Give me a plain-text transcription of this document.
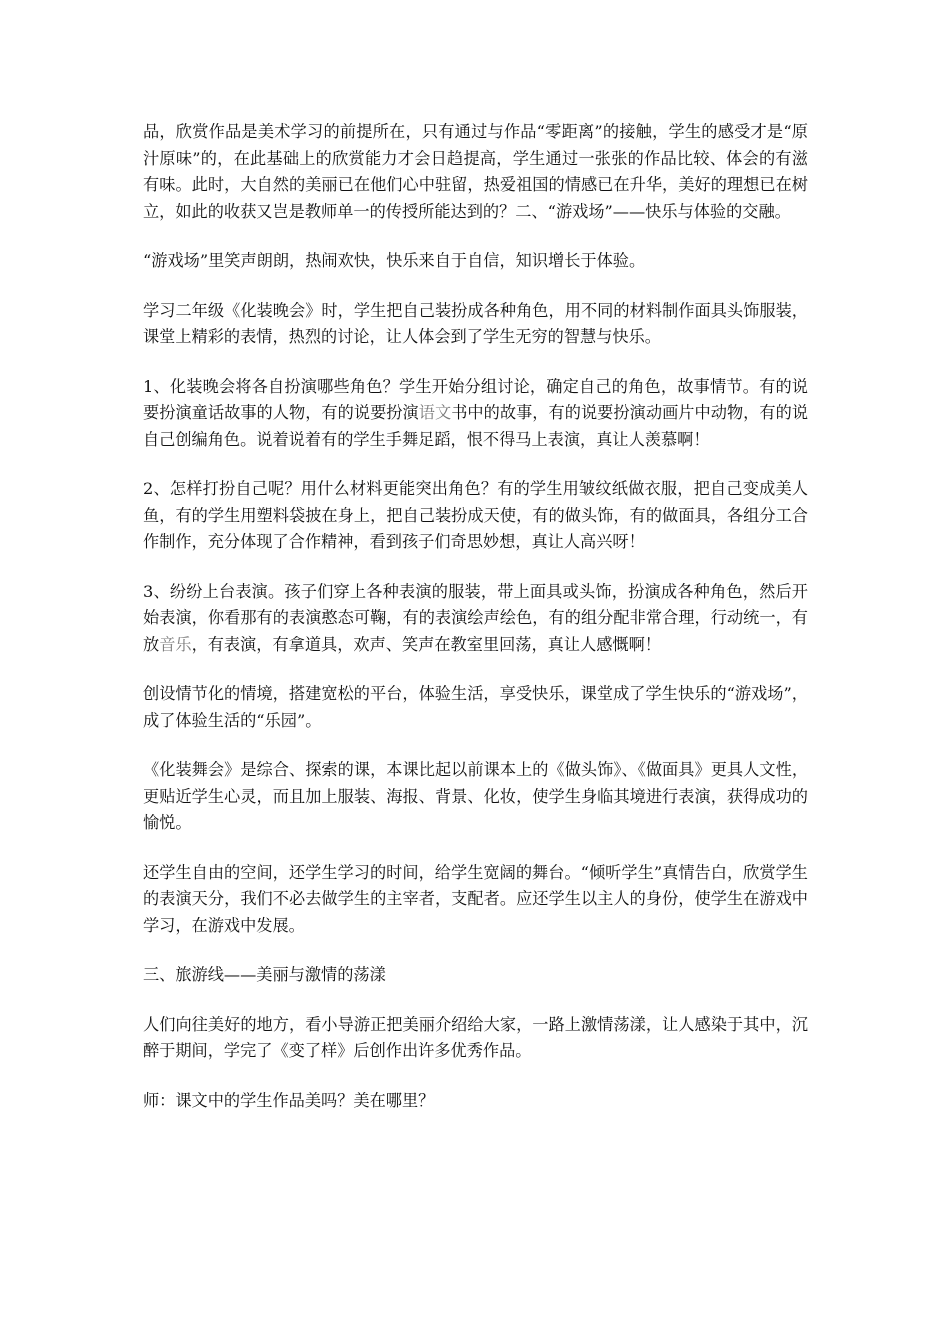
品，欣赏作品是美术学习的前提所在，只有通过与作品“零距离”的接触，学生的感受才是“原汁原味”的，在此基础上的欣赏能力才会日趋提高，学生通过一张张的作品比较、体会的有滋有味。此时，大自然的美丽已在他们心中驻留，热爱祖国的情感已在升华，美好的理想已在树立，如此的收获又岂是教师单一的传授所能达到的？二、“游戏场”——快乐与体验的交融。

“游戏场”里笑声朗朗，热闹欢快，快乐来自于自信，知识增长于体验。

学习二年级《化装晚会》时，学生把自己装扮成各种角色，用不同的材料制作面具头饰服装，课堂上精彩的表情，热烈的讨论，让人体会到了学生无穷的智慧与快乐。

1、化装晚会将各自扮演哪些角色？学生开始分组讨论，确定自己的角色，故事情节。有的说要扮演童话故事的人物，有的说要扮演语文书中的故事，有的说要扮演动画片中动物，有的说自己创编角色。说着说着有的学生手舞足蹈，恨不得马上表演，真让人羡慕啊！

2、怎样打扮自己呢？用什么材料更能突出角色？有的学生用皱纹纸做衣服，把自己变成美人鱼，有的学生用塑料袋披在身上，把自己装扮成天使，有的做头饰，有的做面具，各组分工合作制作，充分体现了合作精神，看到孩子们奇思妙想，真让人高兴呀！

3、纷纷上台表演。孩子们穿上各种表演的服装，带上面具或头饰，扮演成各种角色，然后开始表演，你看那有的表演憨态可鞠，有的表演绘声绘色，有的组分配非常合理，行动统一，有放音乐，有表演，有拿道具，欢声、笑声在教室里回荡，真让人感慨啊！

创设情节化的情境，搭建宽松的平台，体验生活，享受快乐，课堂成了学生快乐的“游戏场”，成了体验生活的“乐园”。

《化装舞会》是综合、探索的课，本课比起以前课本上的《做头饰》、《做面具》更具人文性，更贴近学生心灵，而且加上服装、海报、背景、化妆，使学生身临其境进行表演，获得成功的愉悦。

还学生自由的空间，还学生学习的时间，给学生宽阔的舞台。“倾听学生”真情告白，欣赏学生的表演天分，我们不必去做学生的主宰者，支配者。应还学生以主人的身份，使学生在游戏中学习，在游戏中发展。

三、旅游线——美丽与激情的荡漾

人们向往美好的地方，看小导游正把美丽介绍给大家，一路上激情荡漾，让人感染于其中，沉醉于期间，学完了《变了样》后创作出许多优秀作品。

师：课文中的学生作品美吗？美在哪里？
